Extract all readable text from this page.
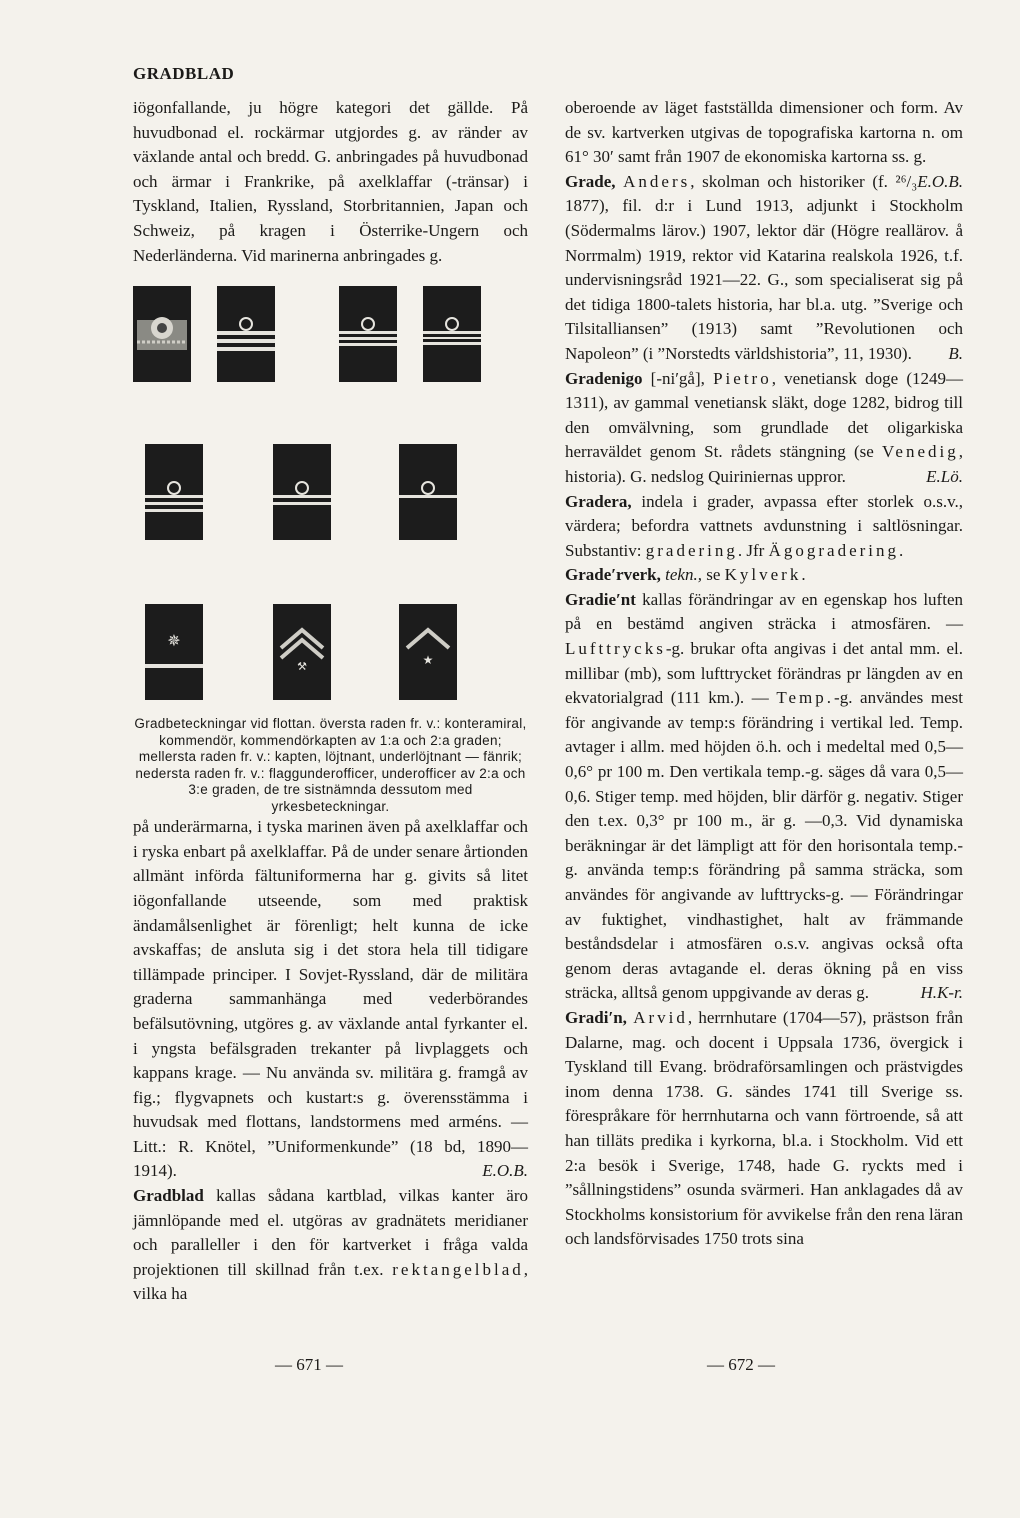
GRADBLAD

iögonfallande, ju högre kategori det gällde. På huvudbonad el. rockärmar utgjordes g. av ränder av växlande antal och bredd. G. anbringades på huvudbonad och ärmar i Frankrike, på axelklaffar (-tränsar) i Tyskland, Italien, Ryssland, Storbritannien, Japan och Schweiz, på kragen i Österrike-Ungern och Nederländerna. Vid marinerna anbringades g.

✵
⚒	★

Gradbeteckningar vid flottan. översta raden fr. v.: konteramiral, kommendör, kommendörkapten av 1:a och 2:a graden; mellersta raden fr. v.: kapten, löjtnant, underlöjtnant — fänrik; nedersta raden fr. v.: flaggunderofficer, underofficer av 2:a och 3:e graden, de tre sistnämnda dessutom med yrkesbeteckningar.

på underärmarna, i tyska marinen även på axelklaffar och i ryska enbart på axelklaffar. På de under senare årtionden allmänt införda fältuniformerna har g. givits så litet iögonfallande utseende, som med praktisk ändamålsenlighet är förenligt; helt kunna de icke avskaffas; de ansluta sig i det stora hela till tidigare tillämpade principer. I Sovjet-Ryssland, där de militära graderna sammanhänga med vederbörandes befälsutövning, utgöres g. av växlande antal fyrkanter el. i yngsta befälsgraden trekanter på livplaggets och kappans krage. — Nu använda sv. militära g. framgå av fig.; flygvapnets och kustart:s g. överensstämma i huvudsak med flottans, landstormens med arméns. — Litt.: R. Knötel, ”Uniformenkunde” (18 bd, 1890—1914).	E.O.B.

Gradblad kallas sådana kartblad, vilkas kanter äro jämnlöpande med el. utgöras av gradnätets meridianer och paralleller i den för kartverket i fråga valda projektionen till skillnad från t.ex. rektangelblad, vilka ha

oberoende av läget fastställda dimensioner och form. Av de sv. kartverken utgivas de topografiska kartorna n. om 61° 30′ samt från 1907 de ekonomiska kartorna ss. g.
E.O.B.

Grade, Anders, skolman och historiker (f. ²⁶/₃ 1877), fil. d:r i Lund 1913, adjunkt i Stockholm (Södermalms lärov.) 1907, lektor där (Högre reallärov. å Norrmalm) 1919, rektor vid Katarina realskola 1926, t.f. undervisningsråd 1921—22. G., som specialiserat sig på det tidiga 1800-talets historia, har bl.a. utg. ”Sverige och Tilsitalliansen” (1913) samt ”Revolutionen och Napoleon” (i ”Norstedts världshistoria”, 11, 1930). B.

Gradenigo [-ni′gå], Pietro, venetiansk doge (1249—1311), av gammal venetiansk släkt, doge 1282, bidrog till den omvälvning, som grundlade det oligarkiska herraväldet genom St. rådets stängning (se Venedig, historia). G. nedslog Quiriniernas uppror.	E.Lö.

Gradera, indela i grader, avpassa efter storlek o.s.v., värdera; befordra vattnets avdunstning i saltlösningar. Substantiv: gradering. Jfr Ägogradering.

Grade′rverk, tekn., se Kylverk.

Gradie′nt kallas förändringar av en egenskap hos luften på en bestämd angiven sträcka i atmosfären. — Lufttrycks-g. brukar ofta angivas i det antal mm. el. millibar (mb), som lufttrycket förändras pr längden av en ekvatorialgrad (111 km.). — Temp.-g. användes mest för angivande av temp:s förändring i vertikal led. Temp. avtager i allm. med höjden ö.h. och i medeltal med 0,5—0,6° pr 100 m. Den vertikala temp.-g. säges då vara 0,5—0,6. Stiger temp. med höjden, blir därför g. negativ. Stiger den t.ex. 0,3° pr 100 m., är g. —0,3. Vid dynamiska beräkningar är det lämpligt att för den horisontala temp.-g. använda temp:s förändring på samma sträcka, som användes för angivande av lufttrycks-g. — Förändringar av fuktighet, vindhastighet, halt av främmande beståndsdelar i atmosfären o.s.v. angivas också ofta genom deras avtagande el. deras ökning på en viss sträcka, alltså genom uppgivande av deras g.	H.K-r.

Gradi′n, Arvid, herrnhutare (1704—57), prästson från Dalarne, mag. och docent i Uppsala 1736, övergick i Tyskland till Evang. brödraförsamlingen och prästvigdes inom denna 1738. G. sändes 1741 till Sverige ss. förespråkare för herrnhutarna och vann förtroende, så att han tilläts predika i kyrkorna, bl.a. i Stockholm. Vid ett 2:a besök i Sverige, 1748, hade G. ryckts med i ”sållningstidens” osunda svärmeri. Han anklagades då av Stockholms konsistorium för avvikelse från den rena läran och landsförvisades 1750 trots sina

— 671 —	— 672 —
